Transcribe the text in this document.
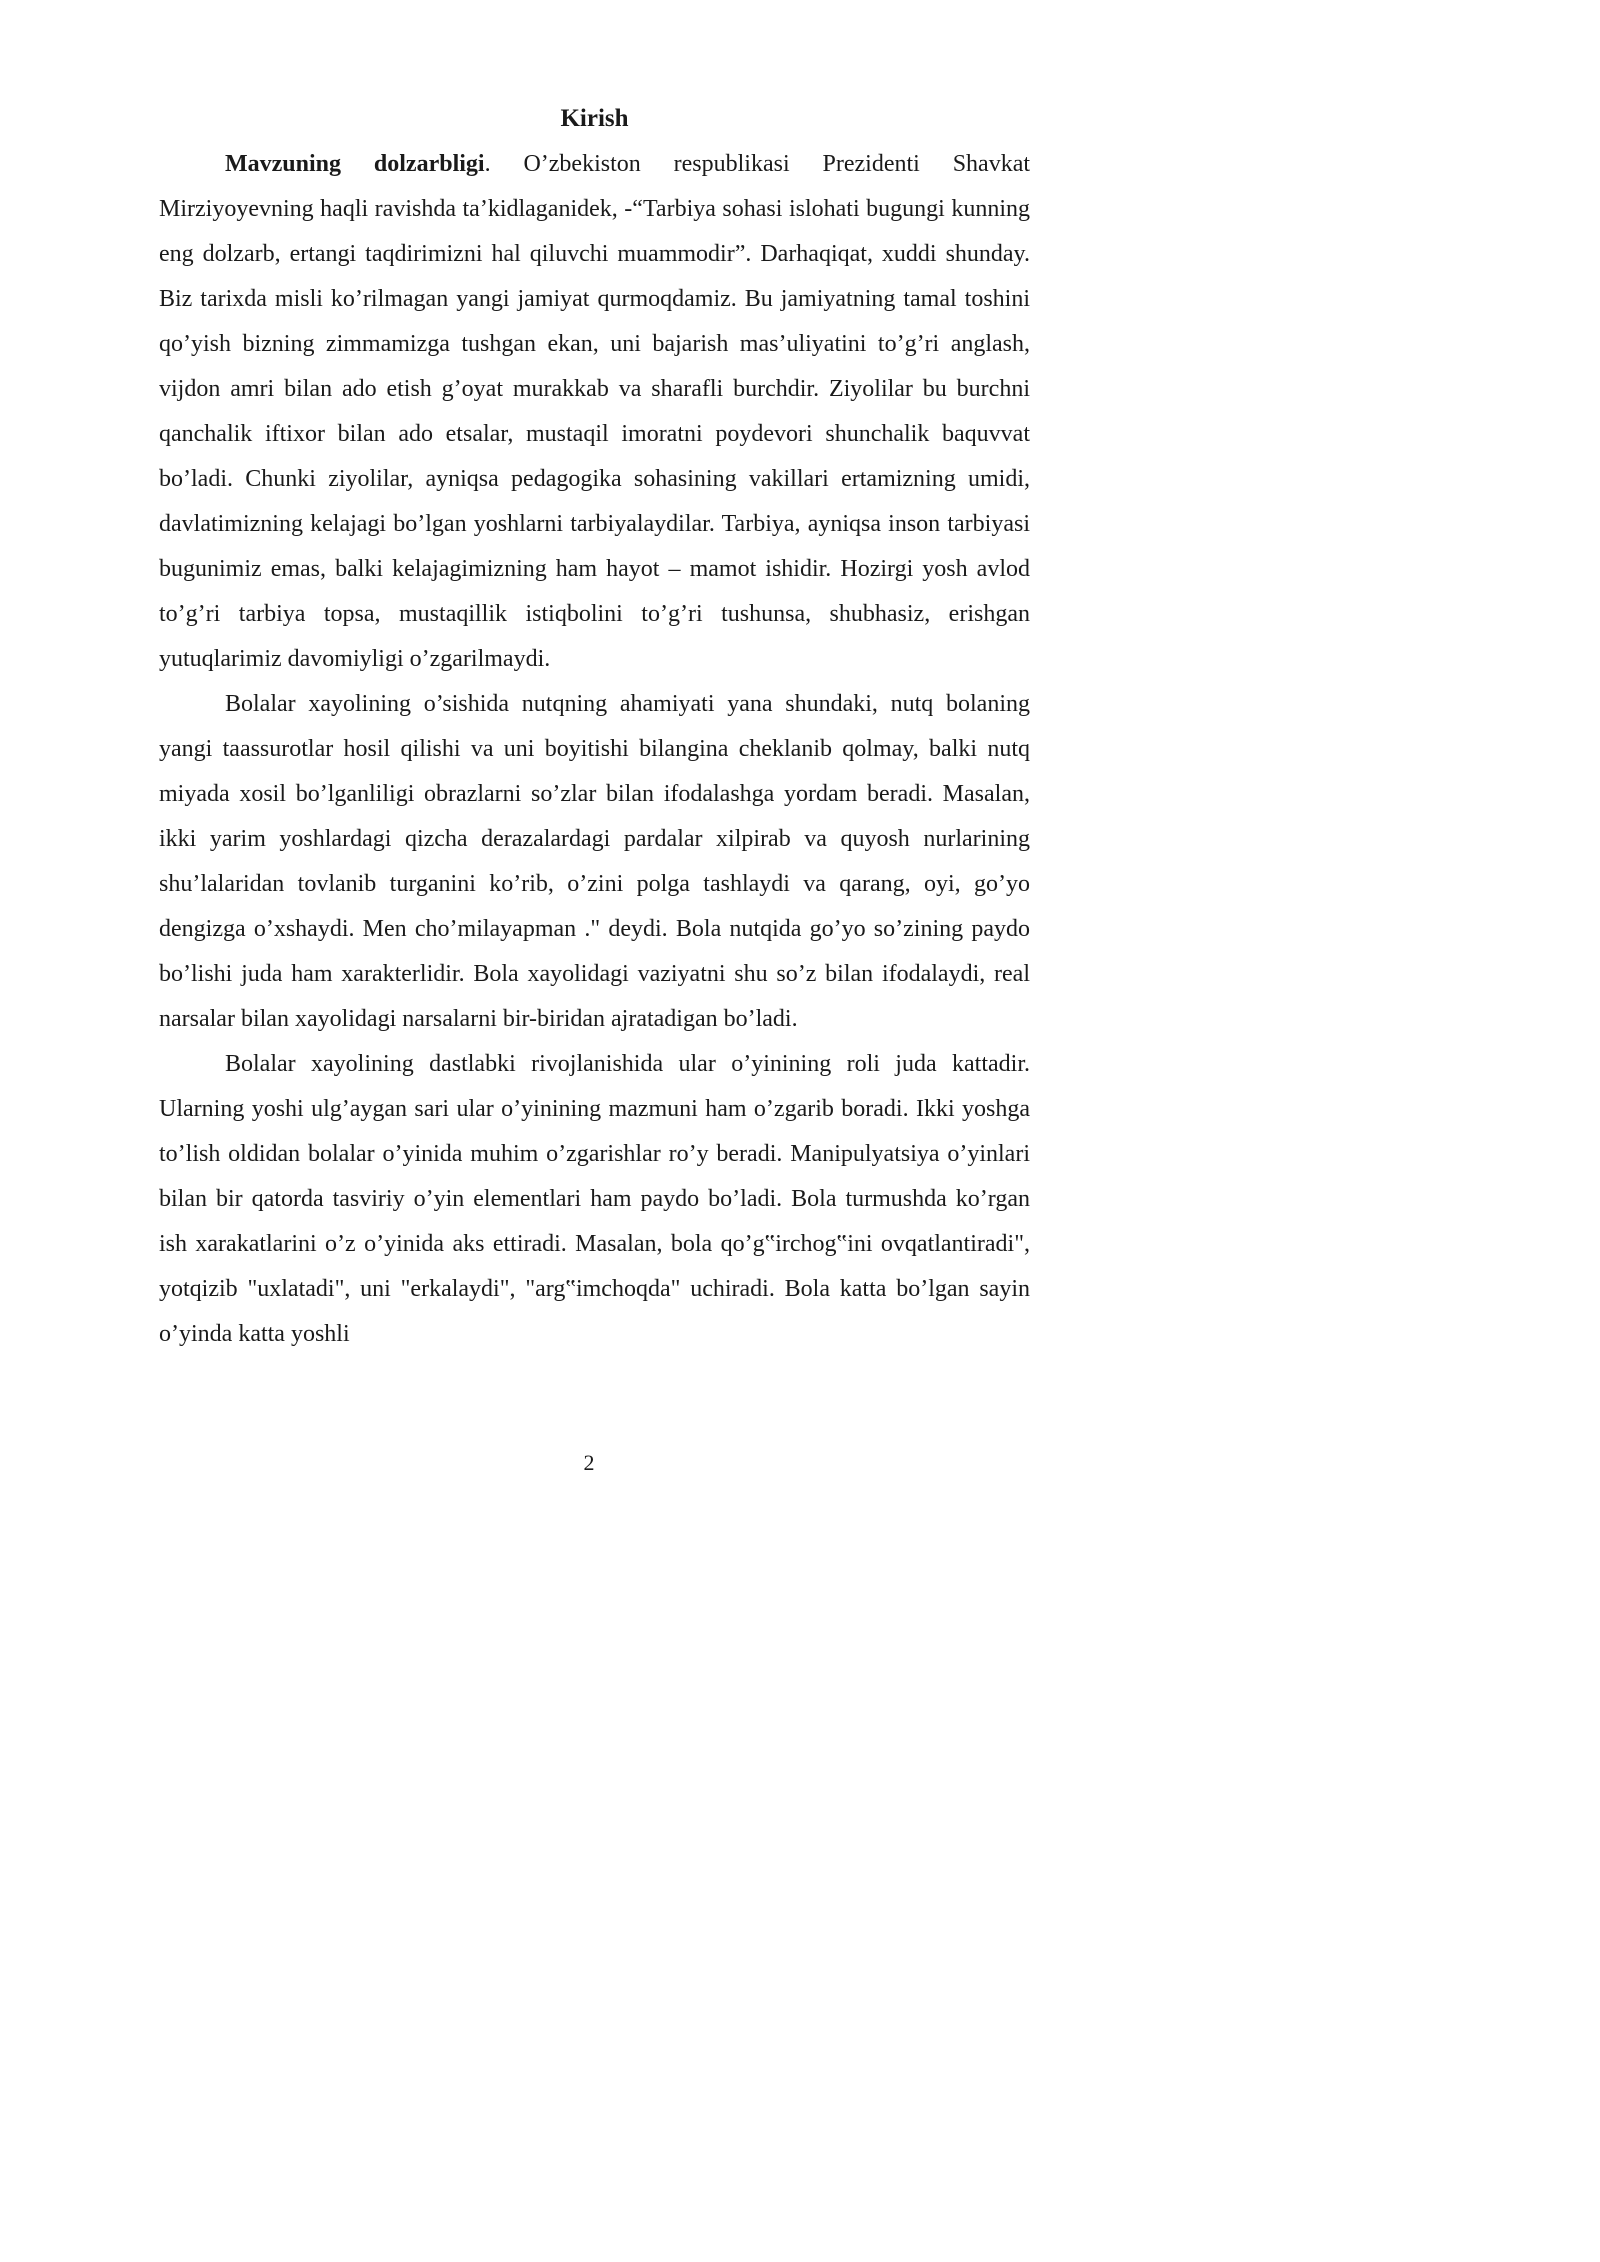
Kirish

Mavzuning dolzarbligi. O’zbekiston respublikasi Prezidenti Shavkat Mirziyoyevning haqli ravishda ta’kidlaganidek, -“Tarbiya sohasi islohati bugungi kunning eng dolzarb, ertangi taqdirimizni hal qiluvchi muammodir”. Darhaqiqat, xuddi shunday. Biz tarixda misli ko’rilmagan yangi jamiyat qurmoqdamiz. Bu jamiyatning tamal toshini qo’yish bizning zimmamizga tushgan ekan, uni bajarish mas’uliyatini to’g’ri anglash, vijdon amri bilan ado etish g’oyat murakkab va sharafli burchdir. Ziyolilar bu burchni qanchalik iftixor bilan ado etsalar, mustaqil imoratni poydevori shunchalik baquvvat bo’ladi. Chunki ziyolilar, ayniqsa pedagogika sohasining vakillari ertamizning umidi, davlatimizning kelajagi bo’lgan yoshlarni tarbiyalaydilar. Tarbiya, ayniqsa inson tarbiyasi bugunimiz emas, balki kelajagimizning ham hayot – mamot ishidir. Hozirgi yosh avlod to’g’ri tarbiya topsa, mustaqillik istiqbolini to’g’ri tushunsa, shubhasiz, erishgan yutuqlarimiz davomiyligi o’zgarilmaydi.

Bolalar xayolining o’sishida nutqning ahamiyati yana shundaki, nutq bolaning yangi taassurotlar hosil qilishi va uni boyitishi bilangina cheklanib qolmay, balki nutq miyada xosil bo’lganliligi obrazlarni so’zlar bilan ifodalashga yordam beradi. Masalan, ikki yarim yoshlardagi qizcha derazalardagi pardalar xilpirab va quyosh nurlarining shu’lalaridan tovlanib turganini ko’rib, o’zini polga tashlaydi va qarang, oyi, go’yo dengizga o’xshaydi. Men cho’milayapman ." deydi. Bola nutqida go’yo so’zining paydo bo’lishi juda ham xarakterlidir. Bola xayolidagi vaziyatni shu so’z bilan ifodalaydi, real narsalar bilan xayolidagi narsalarni bir-biridan ajratadigan bo’ladi.

Bolalar xayolining dastlabki rivojlanishida ular o’yinining roli juda kattadir. Ularning yoshi ulg’aygan sari ular o’yinining mazmuni ham o’zgarib boradi. Ikki yoshga to’lish oldidan bolalar o’yinida muhim o’zgarishlar ro’y beradi. Manipulyatsiya o’yinlari bilan bir qatorda tasviriy o’yin elementlari ham paydo bo’ladi. Bola turmushda ko’rgan ish xarakatlarini o’z o’yinida aks ettiradi. Masalan, bola qo’g‟irchog‟ini ovqatlantiradi", yotqizib "uxlatadi", uni "erkalaydi", "arg‟imchoqda" uchiradi. Bola katta bo’lgan sayin o’yinda katta yoshli

2
